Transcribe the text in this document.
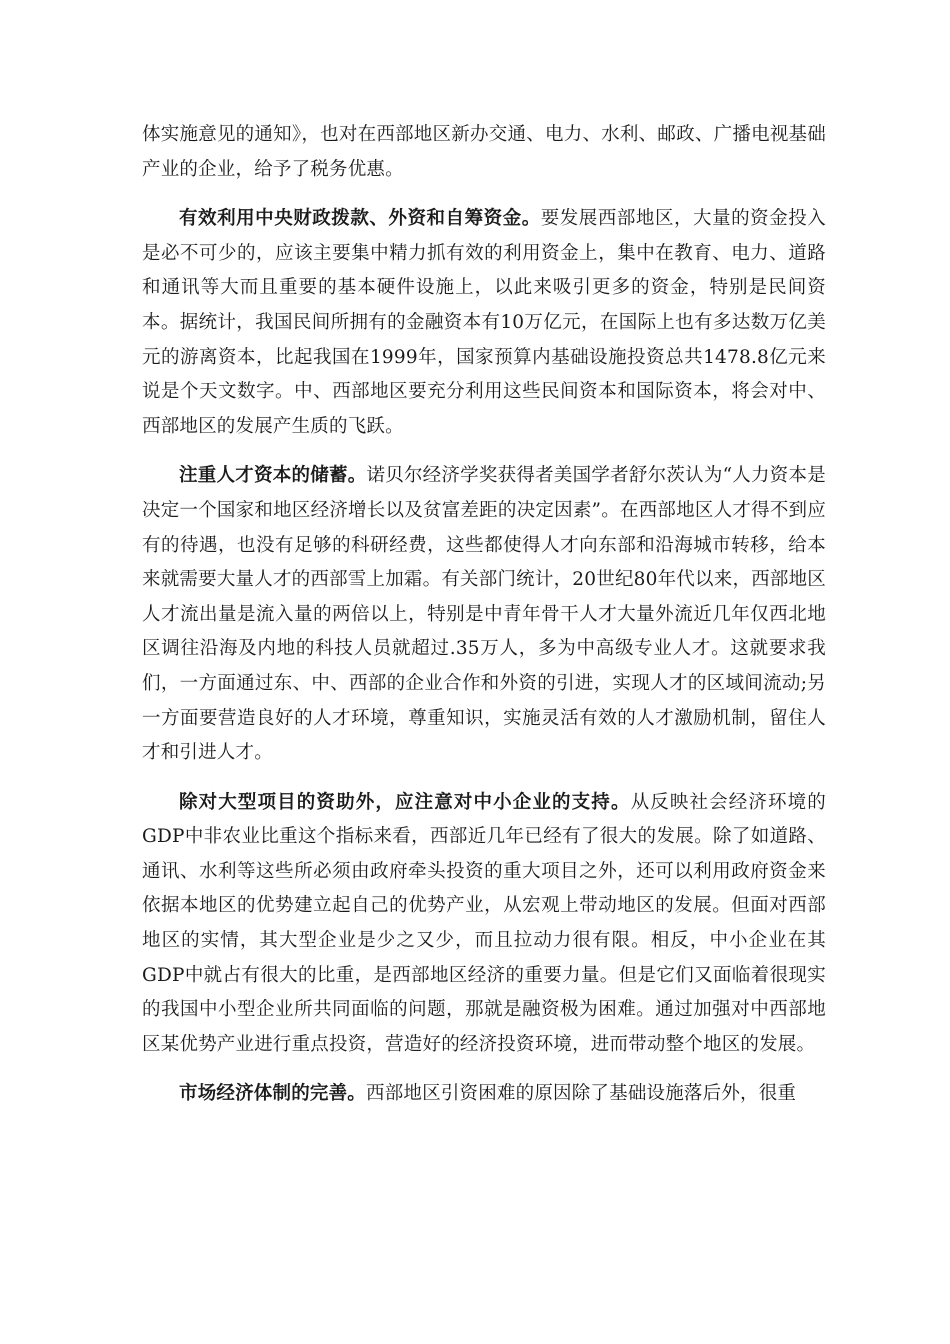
体实施意见的通知》，也对在西部地区新办交通、电力、水利、邮政、广播电视基础产业的企业，给予了税务优惠。

有效利用中央财政拨款、外资和自筹资金。要发展西部地区，大量的资金投入是必不可少的，应该主要集中精力抓有效的利用资金上，集中在教育、电力、道路和通讯等大而且重要的基本硬件设施上，以此来吸引更多的资金，特别是民间资本。据统计，我国民间所拥有的金融资本有10万亿元，在国际上也有多达数万亿美元的游离资本，比起我国在1999年，国家预算内基础设施投资总共1478.8亿元来说是个天文数字。中、西部地区要充分利用这些民间资本和国际资本，将会对中、西部地区的发展产生质的飞跃。

注重人才资本的储蓄。诺贝尔经济学奖获得者美国学者舒尔茨认为“人力资本是决定一个国家和地区经济增长以及贫富差距的决定因素”。在西部地区人才得不到应有的待遇，也没有足够的科研经费，这些都使得人才向东部和沿海城市转移，给本来就需要大量人才的西部雪上加霜。有关部门统计，20世纪80年代以来，西部地区人才流出量是流入量的两倍以上，特别是中青年骨干人才大量外流近几年仅西北地区调往沿海及内地的科技人员就超过.35万人，多为中高级专业人才。这就要求我们，一方面通过东、中、西部的企业合作和外资的引进，实现人才的区域间流动;另一方面要营造良好的人才环境，尊重知识，实施灵活有效的人才激励机制，留住人才和引进人才。

除对大型项目的资助外，应注意对中小企业的支持。从反映社会经济环境的GDP中非农业比重这个指标来看，西部近几年已经有了很大的发展。除了如道路、通讯、水利等这些所必须由政府牵头投资的重大项目之外，还可以利用政府资金来依据本地区的优势建立起自己的优势产业，从宏观上带动地区的发展。但面对西部地区的实情，其大型企业是少之又少，而且拉动力很有限。相反，中小企业在其GDP中就占有很大的比重，是西部地区经济的重要力量。但是它们又面临着很现实的我国中小型企业所共同面临的问题，那就是融资极为困难。通过加强对中西部地区某优势产业进行重点投资，营造好的经济投资环境，进而带动整个地区的发展。

市场经济体制的完善。西部地区引资困难的原因除了基础设施落后外，很重
